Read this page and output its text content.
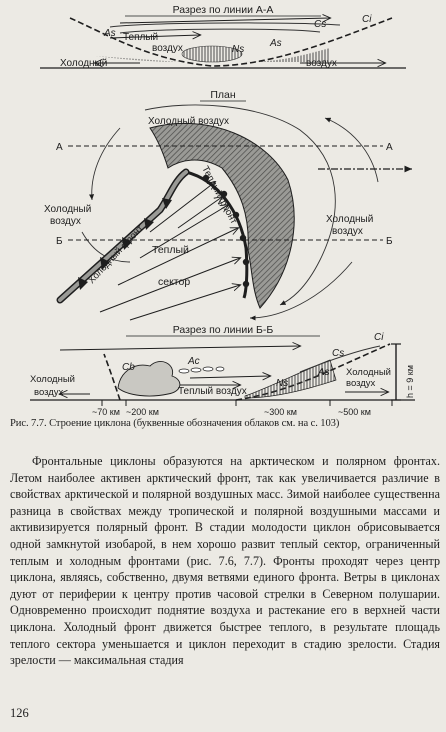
Разрез по линии А-А
As
Cs	Ci
Ns
As
Теплый
воздух
Холодный	воздух
План
А	А
Б	Б
Холодный воздух
Холодный
воздух	Холодный
воздух
Теплый
сектор
Холодный фронт
Теплый фронт
Разрез по линии Б-Б
Cb
Ac
Cs
Ci
Ns
As	h = 9 км
Холодный
воздух	Теплый воздух
Холодный
воздух
~70 км ~200 км	~300 км	~500 км
Рис. 7.7. Строение циклона (буквенные обозначения облаков см. на с. 103)

Фронтальные циклоны образуются на арктическом и полярном фронтах. Летом наиболее активен арктический фронт, так как увеличивается различие в свойствах арктической и полярной воздушных масс. Зимой наиболее существенна разница в свойствах между тропической и полярной воздушными массами и активизируется полярный фронт. В стадии молодости циклон обрисовывается одной замкнутой изобарой, в нем хорошо развит теплый сектор, ограниченный теплым и холодным фронтами (рис. 7.6, 7.7). Фронты проходят через центр циклона, являясь, собственно, двумя ветвями единого фронта. Ветры в циклонах дуют от периферии к центру против часовой стрелки в Северном полушарии. Одновременно происходит поднятие воздуха и растекание его в верхней части циклона. Холодный фронт движется быстрее теплого, в результате площадь теплого сектора уменьшается и циклон переходит в стадию зрелости. Стадия зрелости — максимальная стадия

126
